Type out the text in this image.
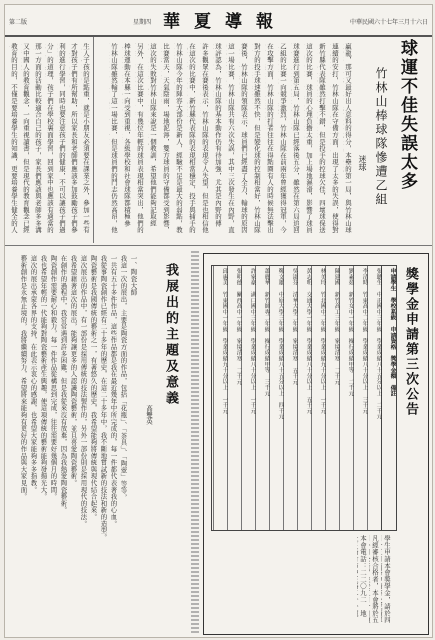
第二版	星期四 華夏導報	中華民國六十七年三月十六日
球運不佳失誤太多
竹林山棒球隊慘遭乙組
迷球
贏龍，那可又最好出人意料的得分，本壘的第一局，與竹林山球
連續的安打，竹林山隊在守備方面，出現了太多的失誤，使得對
新竹縣代表隊雖然打擊不錯，但是投手的控球欠佳，四壞球保送
這次的比賽，球員的心理負擔太重，加上場地濕滑，影響了球員
球賽進行到第五局，竹林山隊已經落後五分，雖然在第六局追回
乙組的比賽一向競爭激烈，竹林山隊在前兩年曾經獲得冠軍，今
在攻擊方面，竹林山隊的打者往往在得點圈有人的時候無法擊出
對方的投手球速雖然不快，但是變化球的控制相當好，竹林山隊
賽後，竹林山隊的領隊表示，球員們已經盡了全力，輸球的原因
這一場比賽，竹林山隊共有六次失誤，其中三次發生在內野，直
球評認為，竹林山隊的基本動作仍有待加強，尤其是內野的傳
許多觀眾在賽後表示，竹林山隊的表現令人失望，但是也相信他
在這次的比賽中，新竹縣代表隊的表現相當穩定，投手與捕手的
竹林山隊今年的陣容大部份是新人，經驗不足是最大的弱點，教
比賽當天，天氣陰雨，場地泥濘，雙方球員的守備都受到影響，
這次的失敗對竹林山隊來說是一個教訓，希望他們能夠記取經
另外，在這次比賽中，有幾位年輕的球員表現相當突出，他們的
棒球運動在本縣一向受到重視，各級學校和社會球隊都積極參
竹林山隊雖然輸了這一場比賽，但是球員們的鬥志仍然高昂，他
生人子孩的是點重，就是小朋友必須要在課業之外，參加一些有
才對孩子們有所幫助，所以家長和老師們應該多加鼓勵孩子們參
利的進行學習，同時也要注意孩子們的健康，不可以讓孩子們過
分」的道理，孩子們在學校裏面學習，回到家中也應該有適當的
那一方面的活動比較適合自己的孩子，家長們應該與老師多多溝
又中國人的教育觀念，一向重視讀書，但是現代的教育觀念已經
教育的目的，不僅是要培養學生的知識，更要培養學生健全的人
我展出的主題及意義
高雙英
一、陶瓷大師
我這一次的展出，主要是陶瓷方面的作品，包括「花瓶」、「茶具」、「陶壺」等等，
一共有五十多件作品，這些作品都是我在最近幾年中所完成的，每一件都代表著我的心血。
我從事陶瓷創作已經有二十多年的歷史，在這二十多年中，我不斷地嘗試新的技法和新的造型。
陶瓷藝術是我國傳統的藝術之一，有著悠久的歷史，我希望能夠將傳統與現代結合起來。
這次展出的作品中，有一部份是採用傳統的技法製作的，另外一部份則是採用現代的技法。
我希望藉著這次的展出，能夠讓更多的人認識陶瓷藝術，並且喜愛陶瓷藝術。
在創作的過程中，我常常遇到許多困難，但是我從來沒有放棄，因為我熱愛陶瓷藝術。
陶瓷創作需要耐心和毅力，每一件作品從構思到完成，往往需要好幾個月的時間。
我也希望年輕的一代能夠對陶瓷藝術產生興趣，使這項傳統的藝術能夠發揚光大。
這次的展出承蒙各界的支持，在此表示衷心的感謝，也希望大家能夠多多指教。
藝術創作是永無止境的，我將繼續努力，希望將來能夠有更好的作品與大家見面。	獎學金申請第三次公告
申請學生 學校系級 申請資格 獎學金額 備註
張聰生 中正國中三年級 學業成績八十五分以上 二千元
李清時 竹東高中二年級 學業成績八十分以上 三千元
劉素茹 新竹女中一年級 操行成績甲等 二千元
陳建國 新竹高工三年級 家境清寒 二千元
林美玲 竹北國中二年級 學業成績九十分以上 一千元
黃志明 交通大學一年級 學業成績八十分以上 五千元
吳淑芬 清華大學二年級 家境清寒 五千元
鄭文雄 中原大學三年級 學業成績八十五分以上 四千元
蕭麗華 新竹師專二年級 操行成績甲等 三千元
許家豪 湖口國中三年級 學業成績八十分以上 一千元
張明德 關西高中一年級 家境清寒 二千元
邱惠美 竹東國中一年級 學業成績九十分以上 一千元
學生申請本會獎學金，請於四
凡經審核合格者，本會將於五
本會電話：二二〇九二　地
